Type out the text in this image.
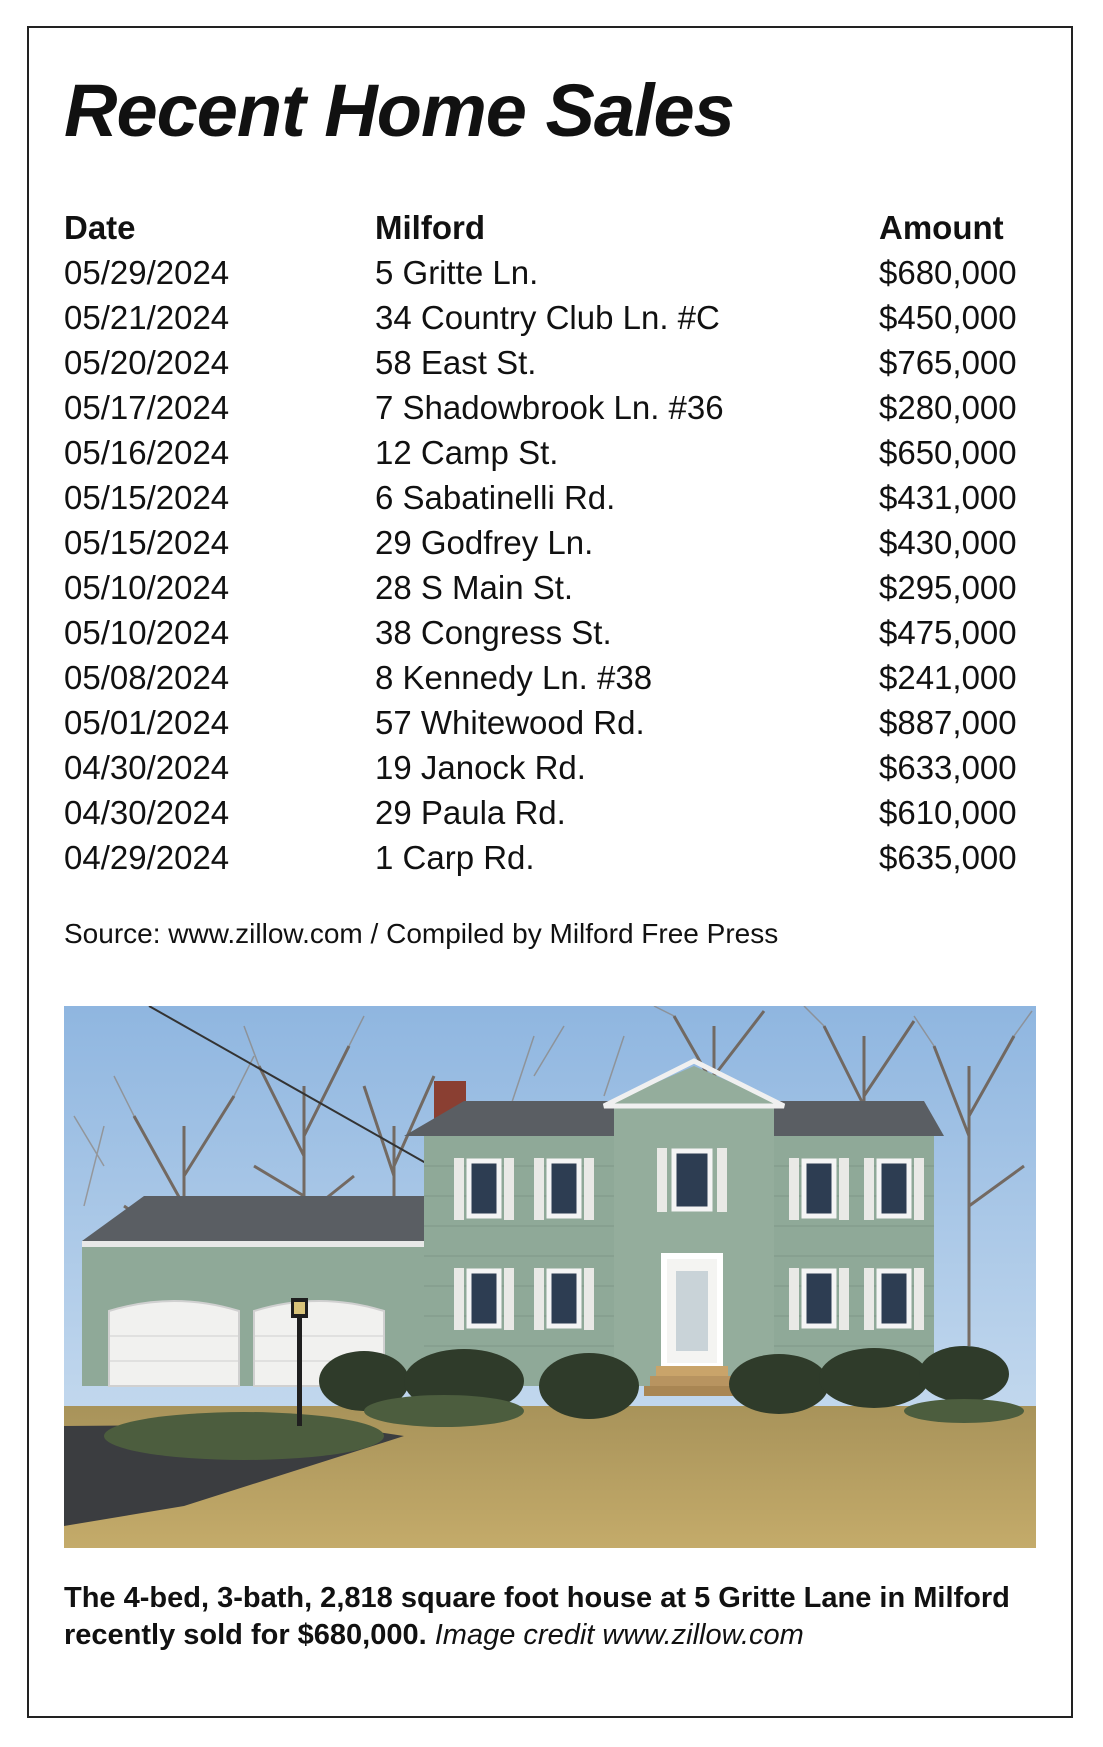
Recent Home Sales
Date	Milford	Amount
05/29/2024	5 Gritte Ln.	$680,000
05/21/2024	34 Country Club Ln. #C	$450,000
05/20/2024	58 East St.	$765,000
05/17/2024	7 Shadowbrook Ln. #36	$280,000
05/16/2024	12 Camp St.	$650,000
05/15/2024	6 Sabatinelli Rd.	$431,000
05/15/2024	29 Godfrey Ln.	$430,000
05/10/2024	28 S Main St.	$295,000
05/10/2024	38 Congress St.	$475,000
05/08/2024	8 Kennedy Ln. #38	$241,000
05/01/2024	57 Whitewood Rd.	$887,000
04/30/2024	19 Janock Rd.	$633,000
04/30/2024	29 Paula Rd.	$610,000
04/29/2024	1 Carp Rd.	$635,000
Source: www.zillow.com / Compiled by Milford Free Press
The 4-bed, 3-bath, 2,818 square foot house at 5 Gritte Lane in Milford recently sold for $680,000. Image credit www.zillow.com
